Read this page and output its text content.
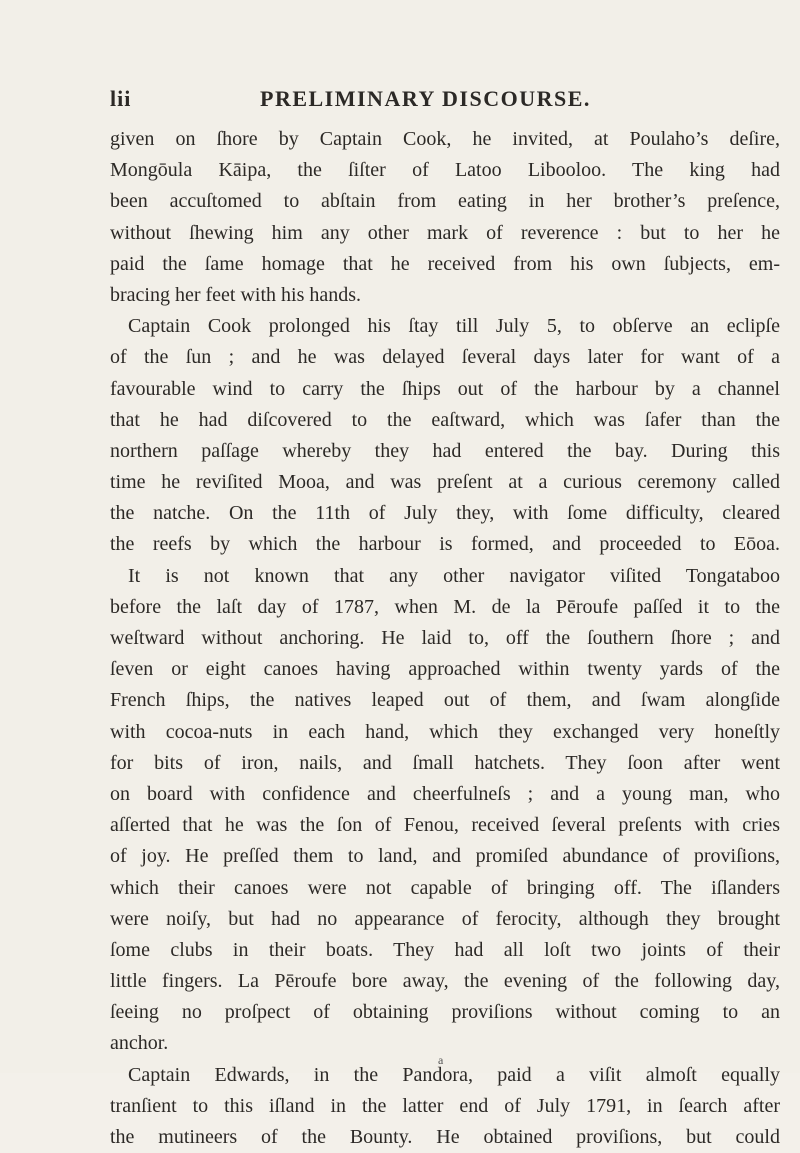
lii	PRELIMINARY DISCOURSE.
given on ſhore by Captain Cook, he invited, at Poulaho’s deſire,
Mongōula Kāipa, the ſiſter of Latoo Libooloo. The king had
been accuſtomed to abſtain from eating in her brother’s preſence,
without ſhewing him any other mark of reverence : but to her he
paid the ſame homage that he received from his own ſubjects, em-
bracing her feet with his hands.
Captain Cook prolonged his ſtay till July 5, to obſerve an eclipſe
of the ſun ; and he was delayed ſeveral days later for want of a
favourable wind to carry the ſhips out of the harbour by a channel
that he had diſcovered to the eaſtward, which was ſafer than the
northern paſſage whereby they had entered the bay. During this
time he reviſited Mooa, and was preſent at a curious ceremony called
the natche. On the 11th of July they, with ſome difficulty, cleared
the reefs by which the harbour is formed, and proceeded to Eōoa.
It is not known that any other navigator viſited Tongataboo
before the laſt day of 1787, when M. de la Pēroufe paſſed it to the
weſtward without anchoring. He laid to, off the ſouthern ſhore ; and
ſeven or eight canoes having approached within twenty yards of the
French ſhips, the natives leaped out of them, and ſwam alongſide
with cocoa-nuts in each hand, which they exchanged very honeſtly
for bits of iron, nails, and ſmall hatchets. They ſoon after went
on board with confidence and cheerfulneſs ; and a young man, who
aſſerted that he was the ſon of Fenou, received ſeveral preſents with cries
of joy. He preſſed them to land, and promiſed abundance of proviſions,
which their canoes were not capable of bringing off. The iſlanders
were noiſy, but had no appearance of ferocity, although they brought
ſome clubs in their boats. They had all loſt two joints of their
little fingers. La Pēroufe bore away, the evening of the following day,
ſeeing no proſpect of obtaining proviſions without coming to an
anchor.
Captain Edwards, in the Pandora, paid a viſit almoſt equally
tranſient to this iſland in the latter end of July 1791, in ſearch after
the mutineers of the Bounty. He obtained proviſions, but could
a
